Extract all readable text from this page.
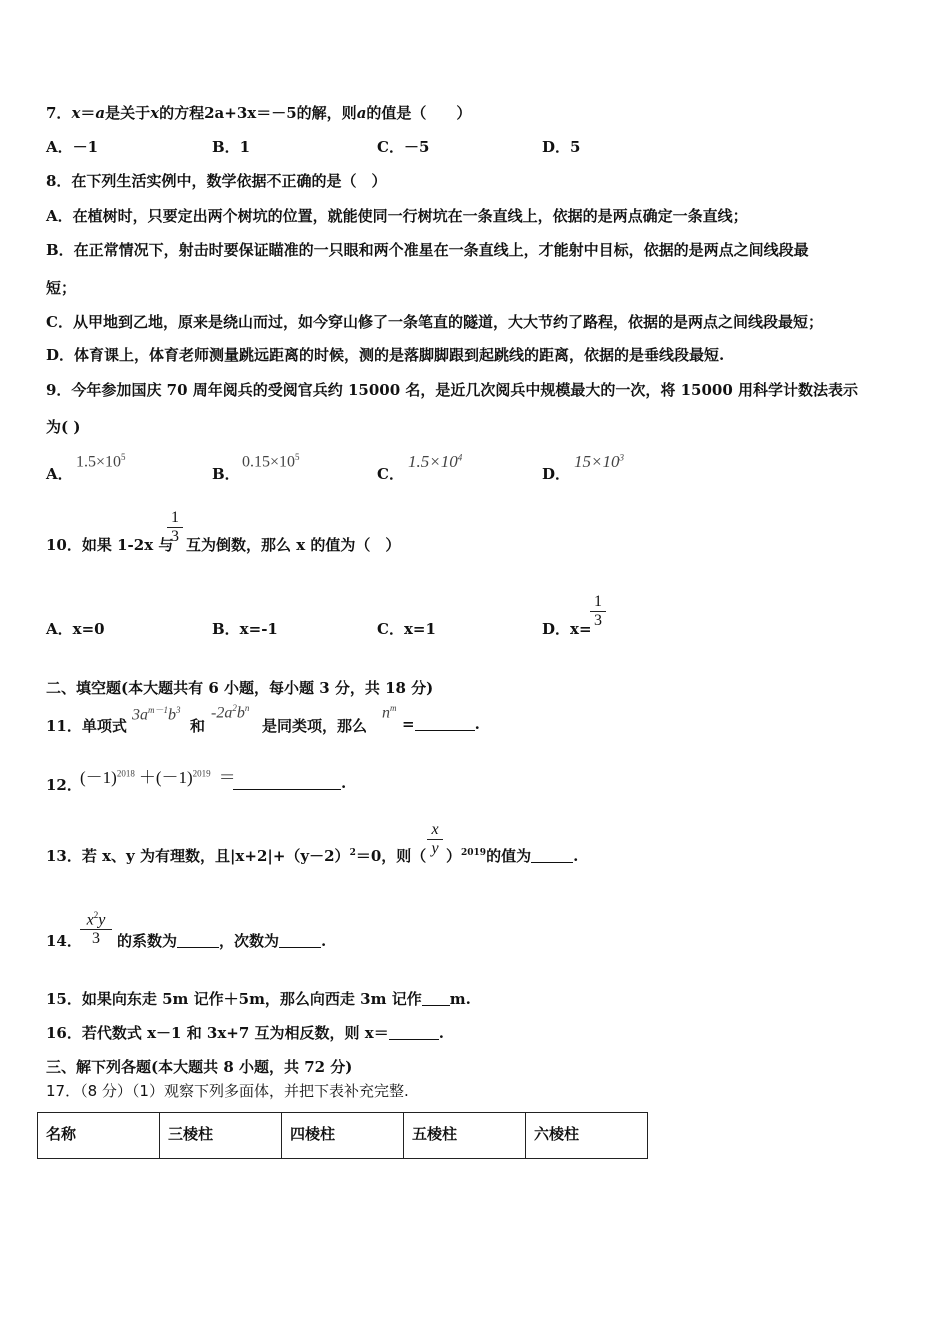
7．x＝a是关于x的方程2a+3x＝－5的解，则a的值是（　　）
A．－1	B．1	C．－5	D．5
8．在下列生活实例中，数学依据不正确的是（　）
A．在植树时，只要定出两个树坑的位置，就能使同一行树坑在一条直线上，依据的是两点确定一条直线；
B．在正常情况下，射击时要保证瞄准的一只眼和两个准星在一条直线上，才能射中目标，依据的是两点之间线段最
短；
C．从甲地到乙地，原来是绕山而过，如今穿山修了一条笔直的隧道，大大节约了路程，依据的是两点之间线段最短；
D．体育课上，体育老师测量跳远距离的时候，测的是落脚脚跟到起跳线的距离，依据的是垂线段最短.
9．今年参加国庆 70 周年阅兵的受阅官兵约 15000 名，是近几次阅兵中规模最大的一次，将 15000 用科学计数法表示
为( )
A．
$1.5\times 10^5$
B．
$0.15\times 10^5$
C．
$1.5\times 10^4$
D．
$15\times 10^3$
10．如果 1-2x 与
1
3 互为倒数，那么 x 的值为（　）
A．x=0	B．x=-1	C．x=1	D．x=
1
3
二、填空题(本大题共有 6 小题，每小题 3 分，共 18 分)
11．单项式
$3a^{m-1}b^3$
和
$-2a^2b^n$
是同类项，那么
$n^m$
=	.
12．
$(-1)^{2018} +(-1)^{2019}$ ＝	.
13．若 x、y 为有理数，且$|x+2|+(y-2)^2=0$，则（
x
y ）$^{2019}$的值为	.
14．
$x^2y$
3	的系数为	，次数为	.
15．如果向东走 5m 记作＋5m，那么向西走 3m 记作 m.
16．若代数式 x－1 和 3x+7 互为相反数，则 x＝	.
三、解下列各题(本大题共 8 小题，共 72 分)
17．（8 分）（1）观察下列多面体，并把下表补充完整.
名称	三棱柱	四棱柱	五棱柱	六棱柱
